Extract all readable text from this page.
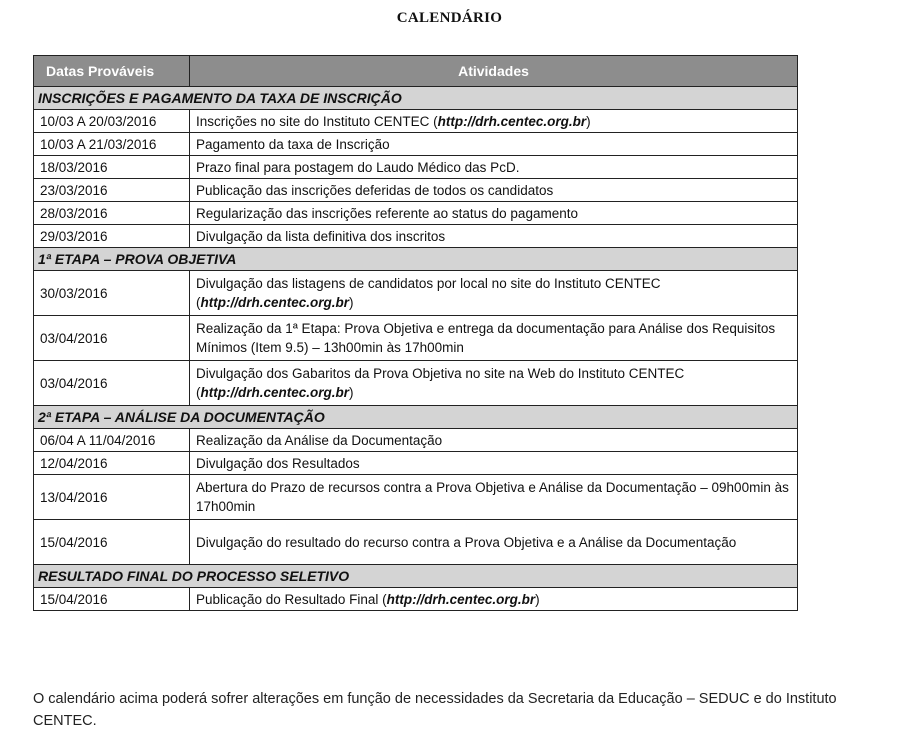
CALENDÁRIO
Datas Prováveis	Atividades
INSCRIÇÕES E PAGAMENTO DA TAXA DE INSCRIÇÃO	
10/03 A 20/03/2016	Inscrições no site do Instituto CENTEC (http://drh.centec.org.br)
10/03 A 21/03/2016	Pagamento da taxa de Inscrição
18/03/2016	Prazo final para postagem do Laudo Médico das PcD.
23/03/2016	Publicação das inscrições deferidas de todos os candidatos
28/03/2016	Regularização das inscrições referente ao status do pagamento
29/03/2016	Divulgação da lista definitiva dos inscritos
1ª ETAPA – PROVA OBJETIVA	
30/03/2016	Divulgação das listagens de candidatos por local no site do Instituto CENTEC (http://drh.centec.org.br)
03/04/2016	Realização da 1ª Etapa: Prova Objetiva e entrega da documentação para Análise dos Requisitos Mínimos (Item 9.5) – 13h00min às 17h00min
03/04/2016	Divulgação dos Gabaritos da Prova Objetiva no site na Web do Instituto CENTEC (http://drh.centec.org.br)
2ª ETAPA – ANÁLISE DA DOCUMENTAÇÃO	
06/04 A 11/04/2016	Realização da Análise da Documentação
12/04/2016	Divulgação dos Resultados
13/04/2016	Abertura do Prazo de recursos contra a Prova Objetiva e Análise da Documentação – 09h00min às 17h00min
15/04/2016	Divulgação do resultado do recurso contra a Prova Objetiva e a Análise da Documentação
RESULTADO FINAL DO PROCESSO SELETIVO	
15/04/2016	Publicação do Resultado Final (http://drh.centec.org.br)
O calendário acima poderá sofrer alterações em função de necessidades da Secretaria da Educação – SEDUC e do Instituto CENTEC.
